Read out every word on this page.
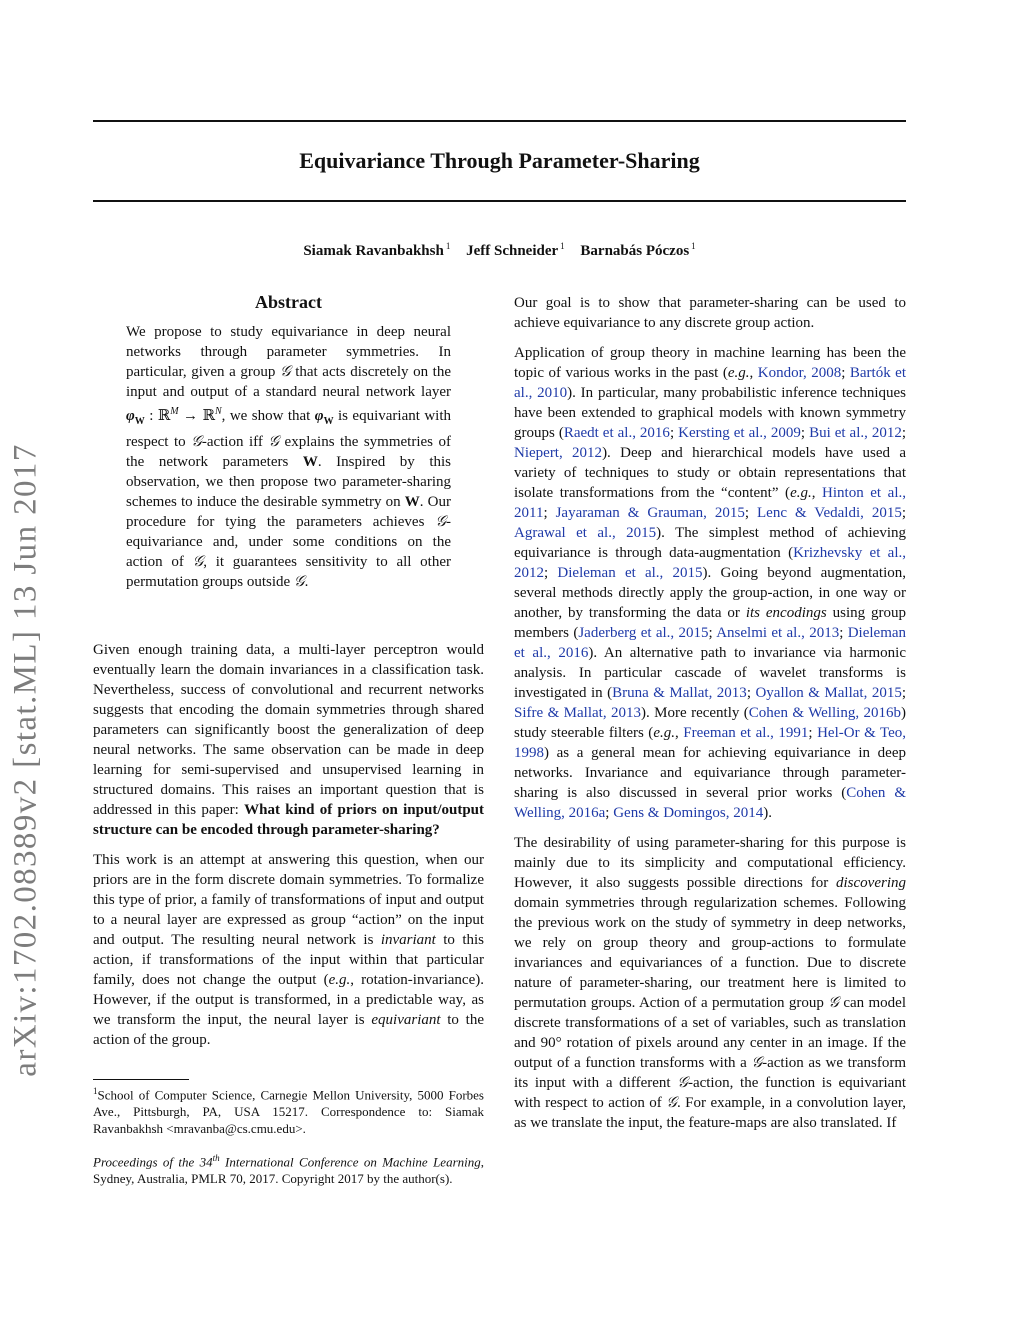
arXiv:1702.08389v2 [stat.ML] 13 Jun 2017
Equivariance Through Parameter-Sharing
Siamak Ravanbakhsh $^1$ Jeff Schneider $^1$ Barnabás Póczos $^1$
Abstract
We propose to study equivariance in deep neural networks through parameter symmetries. In particular, given a group 𝒢 that acts discretely on the input and output of a standard neural network layer $\varphi_W$ : ℝ$^M$ → ℝ$^N$, we show that $\varphi_W$ is equivariant with respect to 𝒢-action iff 𝒢 explains the symmetries of the network parameters W. Inspired by this observation, we then propose two parameter-sharing schemes to induce the desirable symmetry on W. Our procedure for tying the parameters achieves 𝒢-equivariance and, under some conditions on the action of 𝒢, it guarantees sensitivity to all other permutation groups outside 𝒢.

Given enough training data, a multi-layer perceptron would eventually learn the domain invariances in a classification task. Nevertheless, success of convolutional and recurrent networks suggests that encoding the domain symmetries through shared parameters can significantly boost the generalization of deep neural networks. The same observation can be made in deep learning for semi-supervised and unsupervised learning in structured domains. This raises an important question that is addressed in this paper: What kind of priors on input/output structure can be encoded through parameter-sharing?

This work is an attempt at answering this question, when our priors are in the form discrete domain symmetries. To formalize this type of prior, a family of transformations of input and output to a neural layer are expressed as group “action” on the input and output. The resulting neural network is invariant to this action, if transformations of the input within that particular family, does not change the output (e.g., rotation-invariance). However, if the output is transformed, in a predictable way, as we transform the input, the neural layer is equivariant to the action of the group.

$^1$School of Computer Science, Carnegie Mellon University, 5000 Forbes Ave., Pittsburgh, PA, USA 15217. Correspondence to: Siamak Ravanbakhsh <mravanba@cs.cmu.edu>.
Proceedings of the 34th International Conference on Machine Learning, Sydney, Australia, PMLR 70, 2017. Copyright 2017 by the author(s).

Our goal is to show that parameter-sharing can be used to achieve equivariance to any discrete group action.

Application of group theory in machine learning has been the topic of various works in the past (e.g., Kondor, 2008; Bartók et al., 2010). In particular, many probabilistic inference techniques have been extended to graphical models with known symmetry groups (Raedt et al., 2016; Kersting et al., 2009; Bui et al., 2012; Niepert, 2012). Deep and hierarchical models have used a variety of techniques to study or obtain representations that isolate transformations from the “content” (e.g., Hinton et al., 2011; Jayaraman & Grauman, 2015; Lenc & Vedaldi, 2015; Agrawal et al., 2015). The simplest method of achieving equivariance is through data-augmentation (Krizhevsky et al., 2012; Dieleman et al., 2015). Going beyond augmentation, several methods directly apply the group-action, in one way or another, by transforming the data or its encodings using group members (Jaderberg et al., 2015; Anselmi et al., 2013; Dieleman et al., 2016). An alternative path to invariance via harmonic analysis. In particular cascade of wavelet transforms is investigated in (Bruna & Mallat, 2013; Oyallon & Mallat, 2015; Sifre & Mallat, 2013). More recently (Cohen & Welling, 2016b) study steerable filters (e.g., Freeman et al., 1991; Hel-Or & Teo, 1998) as a general mean for achieving equivariance in deep networks. Invariance and equivariance through parameter-sharing is also discussed in several prior works (Cohen & Welling, 2016a; Gens & Domingos, 2014).

The desirability of using parameter-sharing for this purpose is mainly due to its simplicity and computational efficiency. However, it also suggests possible directions for discovering domain symmetries through regularization schemes. Following the previous work on the study of symmetry in deep networks, we rely on group theory and group-actions to formulate invariances and equivariances of a function. Due to discrete nature of parameter-sharing, our treatment here is limited to permutation groups. Action of a permutation group 𝒢 can model discrete transformations of a set of variables, such as translation and 90° rotation of pixels around any center in an image. If the output of a function transforms with a 𝒢-action as we transform its input with a different 𝒢-action, the function is equivariant with respect to action of 𝒢. For example, in a convolution layer, as we translate the input, the feature-maps are also translated. If
